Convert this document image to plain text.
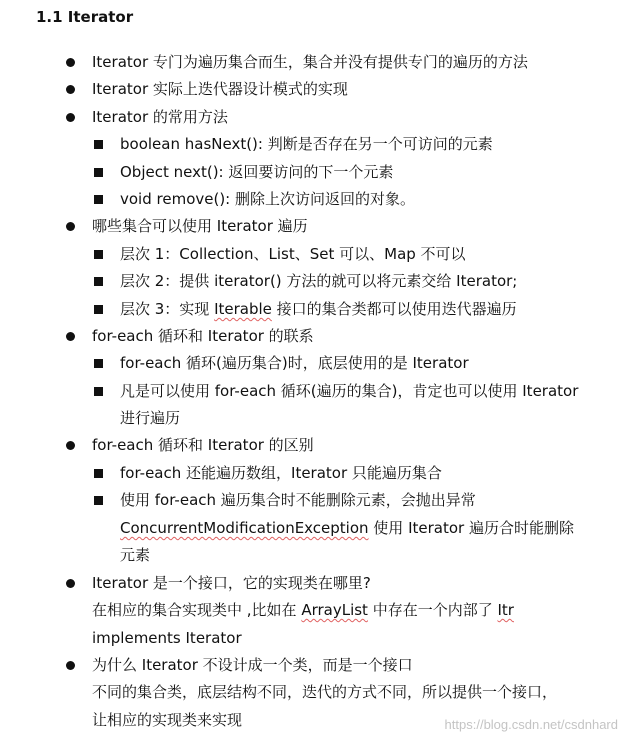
1.1 Iterator
Iterator 专门为遍历集合而生，集合并没有提供专门的遍历的方法
Iterator 实际上迭代器设计模式的实现
Iterator 的常用方法
boolean hasNext(): 判断是否存在另一个可访问的元素
Object next(): 返回要访问的下一个元素
void remove(): 删除上次访问返回的对象。
哪些集合可以使用 Iterator 遍历
层次 1：Collection、List、Set 可以、Map 不可以
层次 2：提供 iterator() 方法的就可以将元素交给 Iterator;
层次 3：实现 Iterable 接口的集合类都可以使用迭代器遍历
for-each 循环和 Iterator 的联系
for-each 循环(遍历集合)时，底层使用的是 Iterator
凡是可以使用 for-each 循环(遍历的集合)，肯定也可以使用 Iterator
进行遍历
for-each 循环和 Iterator 的区别
for-each 还能遍历数组，Iterator 只能遍历集合
使用 for-each 遍历集合时不能删除元素，会抛出异常
ConcurrentModificationException 使用 Iterator 遍历合时能删除
元素
Iterator 是一个接口，它的实现类在哪里?
在相应的集合实现类中 ,比如在 ArrayList 中存在一个内部了 Itr
implements Iterator
为什么 Iterator 不设计成一个类，而是一个接口
不同的集合类，底层结构不同，迭代的方式不同，所以提供一个接口，
让相应的实现类来实现	https://blog.csdn.net/csdnhard
